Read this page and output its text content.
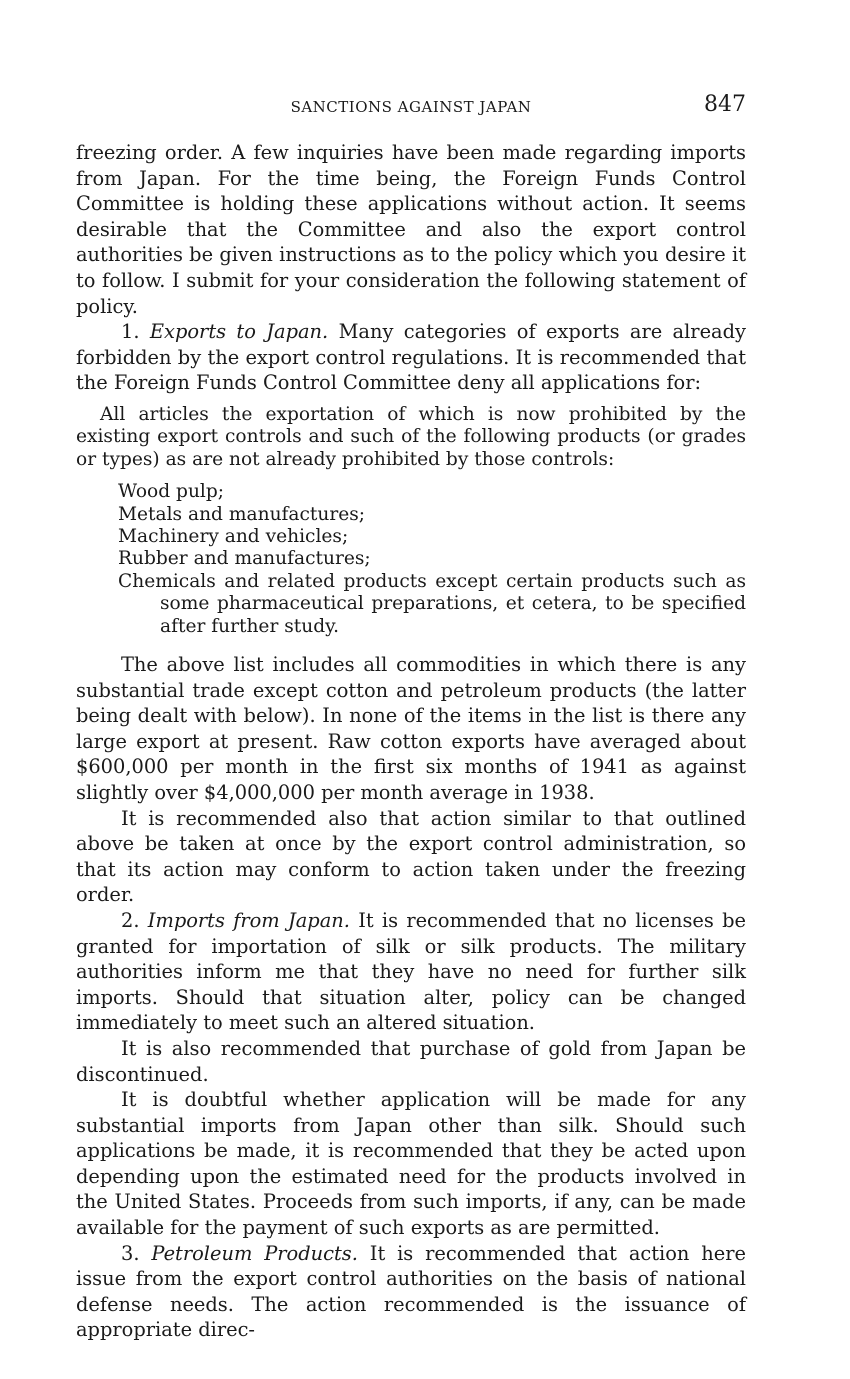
SANCTIONS AGAINST JAPAN	847

freezing order. A few inquiries have been made regarding imports from Japan. For the time being, the Foreign Funds Control Committee is holding these applications without action. It seems desirable that the Committee and also the export control authorities be given instructions as to the policy which you desire it to follow. I submit for your consideration the following statement of policy.

1. Exports to Japan. Many categories of exports are already forbidden by the export control regulations. It is recommended that the Foreign Funds Control Committee deny all applications for:

All articles the exportation of which is now prohibited by the existing export controls and such of the following products (or grades or types) as are not already prohibited by those controls:

Wood pulp;
Metals and manufactures;
Machinery and vehicles;
Rubber and manufactures;
Chemicals and related products except certain products such as some pharmaceutical preparations, et cetera, to be specified after further study.

The above list includes all commodities in which there is any substantial trade except cotton and petroleum products (the latter being dealt with below). In none of the items in the list is there any large export at present. Raw cotton exports have averaged about $600,000 per month in the first six months of 1941 as against slightly over $4,000,000 per month average in 1938.

It is recommended also that action similar to that outlined above be taken at once by the export control administration, so that its action may conform to action taken under the freezing order.

2. Imports from Japan. It is recommended that no licenses be granted for importation of silk or silk products. The military authorities inform me that they have no need for further silk imports. Should that situation alter, policy can be changed immediately to meet such an altered situation.

It is also recommended that purchase of gold from Japan be discontinued.

It is doubtful whether application will be made for any substantial imports from Japan other than silk. Should such applications be made, it is recommended that they be acted upon depending upon the estimated need for the products involved in the United States. Proceeds from such imports, if any, can be made available for the payment of such exports as are permitted.

3. Petroleum Products. It is recommended that action here issue from the export control authorities on the basis of national defense needs. The action recommended is the issuance of appropriate direc-
